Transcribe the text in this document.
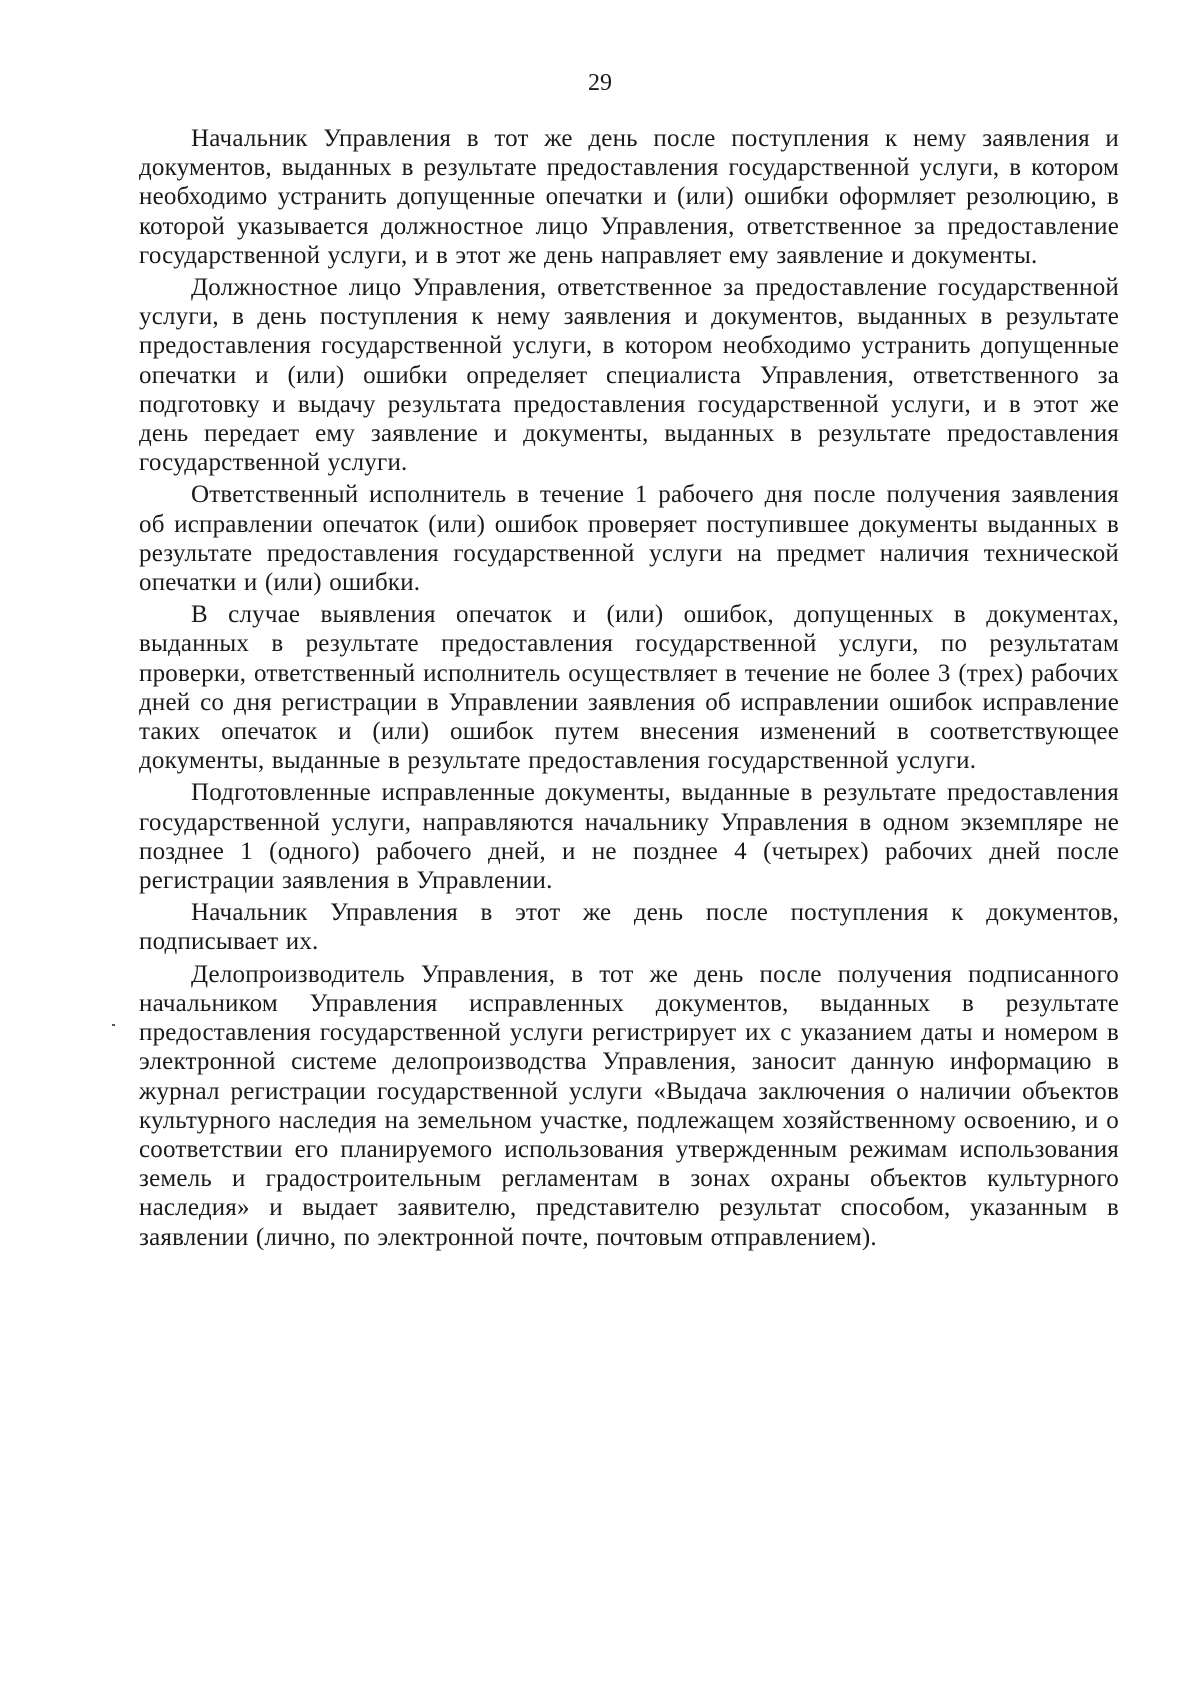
29

Начальник Управления в тот же день после поступления к нему заявления и документов, выданных в результате предоставления государственной услуги, в котором необходимо устранить допущенные опечатки и (или) ошибки оформляет резолюцию, в которой указывается должностное лицо Управления, ответственное за предоставление государственной услуги, и в этот же день направляет ему заявление и документы.

Должностное лицо Управления, ответственное за предоставление государственной услуги, в день поступления к нему заявления и документов, выданных в результате предоставления государственной услуги, в котором необходимо устранить допущенные опечатки и (или) ошибки определяет специалиста Управления, ответственного за подготовку и выдачу результата предоставления государственной услуги, и в этот же день передает ему заявление и документы, выданных в результате предоставления государственной услуги.

Ответственный исполнитель в течение 1 рабочего дня после получения заявления об исправлении опечаток (или) ошибок проверяет поступившее документы выданных в результате предоставления государственной услуги на предмет наличия технической опечатки и (или) ошибки.

В случае выявления опечаток и (или) ошибок, допущенных в документах, выданных в результате предоставления государственной услуги, по результатам проверки, ответственный исполнитель осуществляет в течение не более 3 (трех) рабочих дней со дня регистрации в Управлении заявления об исправлении ошибок исправление таких опечаток и (или) ошибок путем внесения изменений в соответствующее документы, выданные в результате предоставления государственной услуги.

Подготовленные исправленные документы, выданные в результате предоставления государственной услуги, направляются начальнику Управления в одном экземпляре не позднее 1 (одного) рабочего дней, и не позднее 4 (четырех) рабочих дней после регистрации заявления в Управлении.

Начальник Управления в этот же день после поступления к документов, подписывает их.

Делопроизводитель Управления, в тот же день после получения подписанного начальником Управления исправленных документов, выданных в результате предоставления государственной услуги регистрирует их с указанием даты и номером в электронной системе делопроизводства Управления, заносит данную информацию в журнал регистрации государственной услуги «Выдача заключения о наличии объектов культурного наследия на земельном участке, подлежащем хозяйственному освоению, и о соответствии его планируемого использования утвержденным режимам использования земель и градостроительным регламентам в зонах охраны объектов культурного наследия» и выдает заявителю, представителю результат способом, указанным в заявлении (лично, по электронной почте, почтовым отправлением).
